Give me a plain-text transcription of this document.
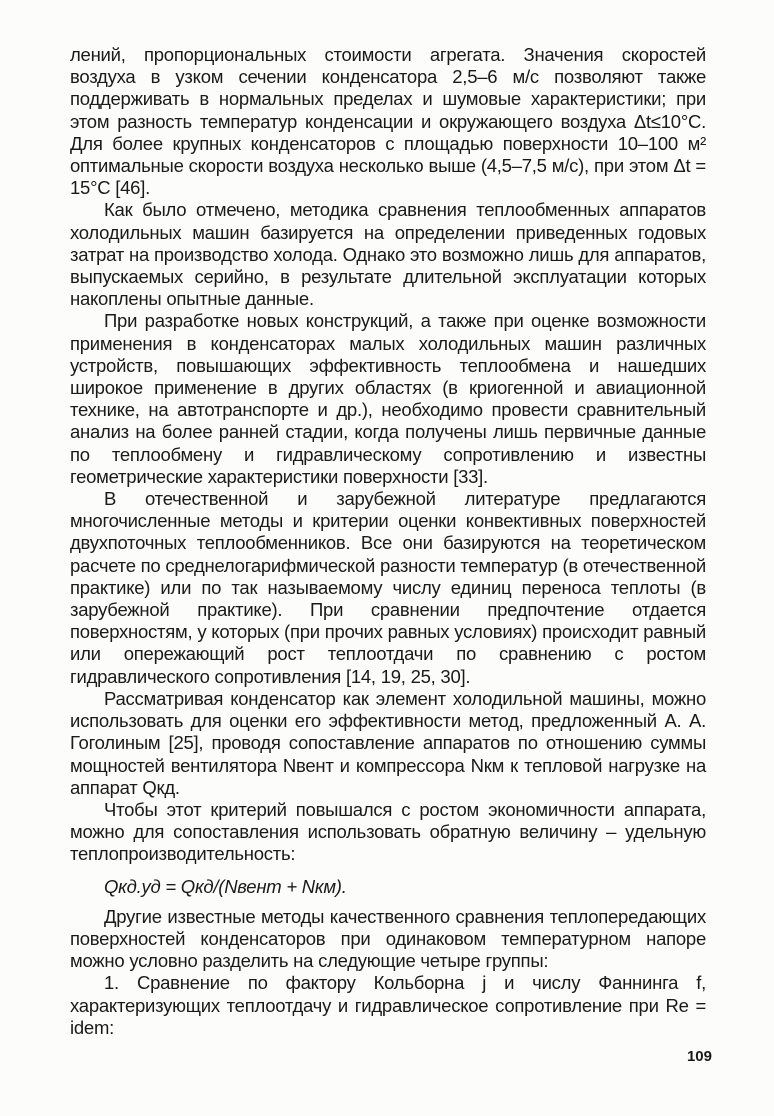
лений, пропорциональных стоимости агрегата. Значения скоростей воздуха в узком сечении конденсатора 2,5–6 м/с позволяют также поддерживать в нормальных пределах и шумовые характеристики; при этом разность температур конденсации и окружающего воздуха Δt≤10°С. Для более крупных конденсаторов с площадью поверхности 10–100 м² оптимальные скорости воздуха несколько выше (4,5–7,5 м/с), при этом Δt = 15°С [46].

Как было отмечено, методика сравнения теплообменных аппаратов холодильных машин базируется на определении приведенных годовых затрат на производство холода. Однако это возможно лишь для аппаратов, выпускаемых серийно, в результате длительной эксплуатации которых накоплены опытные данные.

При разработке новых конструкций, а также при оценке возможности применения в конденсаторах малых холодильных машин различных устройств, повышающих эффективность теплообмена и нашедших широкое применение в других областях (в криогенной и авиационной технике, на автотранспорте и др.), необходимо провести сравнительный анализ на более ранней стадии, когда получены лишь первичные данные по теплообмену и гидравлическому сопротивлению и известны геометрические характеристики поверхности [33].

В отечественной и зарубежной литературе предлагаются многочисленные методы и критерии оценки конвективных поверхностей двухпоточных теплообменников. Все они базируются на теоретическом расчете по среднелогарифмической разности температур (в отечественной практике) или по так называемому числу единиц переноса теплоты (в зарубежной практике). При сравнении предпочтение отдается поверхностям, у которых (при прочих равных условиях) происходит равный или опережающий рост теплоотдачи по сравнению с ростом гидравлического сопротивления [14, 19, 25, 30].

Рассматривая конденсатор как элемент холодильной машины, можно использовать для оценки его эффективности метод, предложенный А. А. Гоголиным [25], проводя сопоставление аппаратов по отношению суммы мощностей вентилятора Nвент и компрессора Nкм к тепловой нагрузке на аппарат Qкд.

Чтобы этот критерий повышался с ростом экономичности аппарата, можно для сопоставления использовать обратную величину – удельную теплопроизводительность:

Qкд.уд = Qкд/(Nвент + Nкм).

Другие известные методы качественного сравнения теплопередающих поверхностей конденсаторов при одинаковом температурном напоре можно условно разделить на следующие четыре группы:

1. Сравнение по фактору Кольборна j и числу Фаннинга f, характеризующих теплоотдачу и гидравлическое сопротивление при Re = idem:

109
